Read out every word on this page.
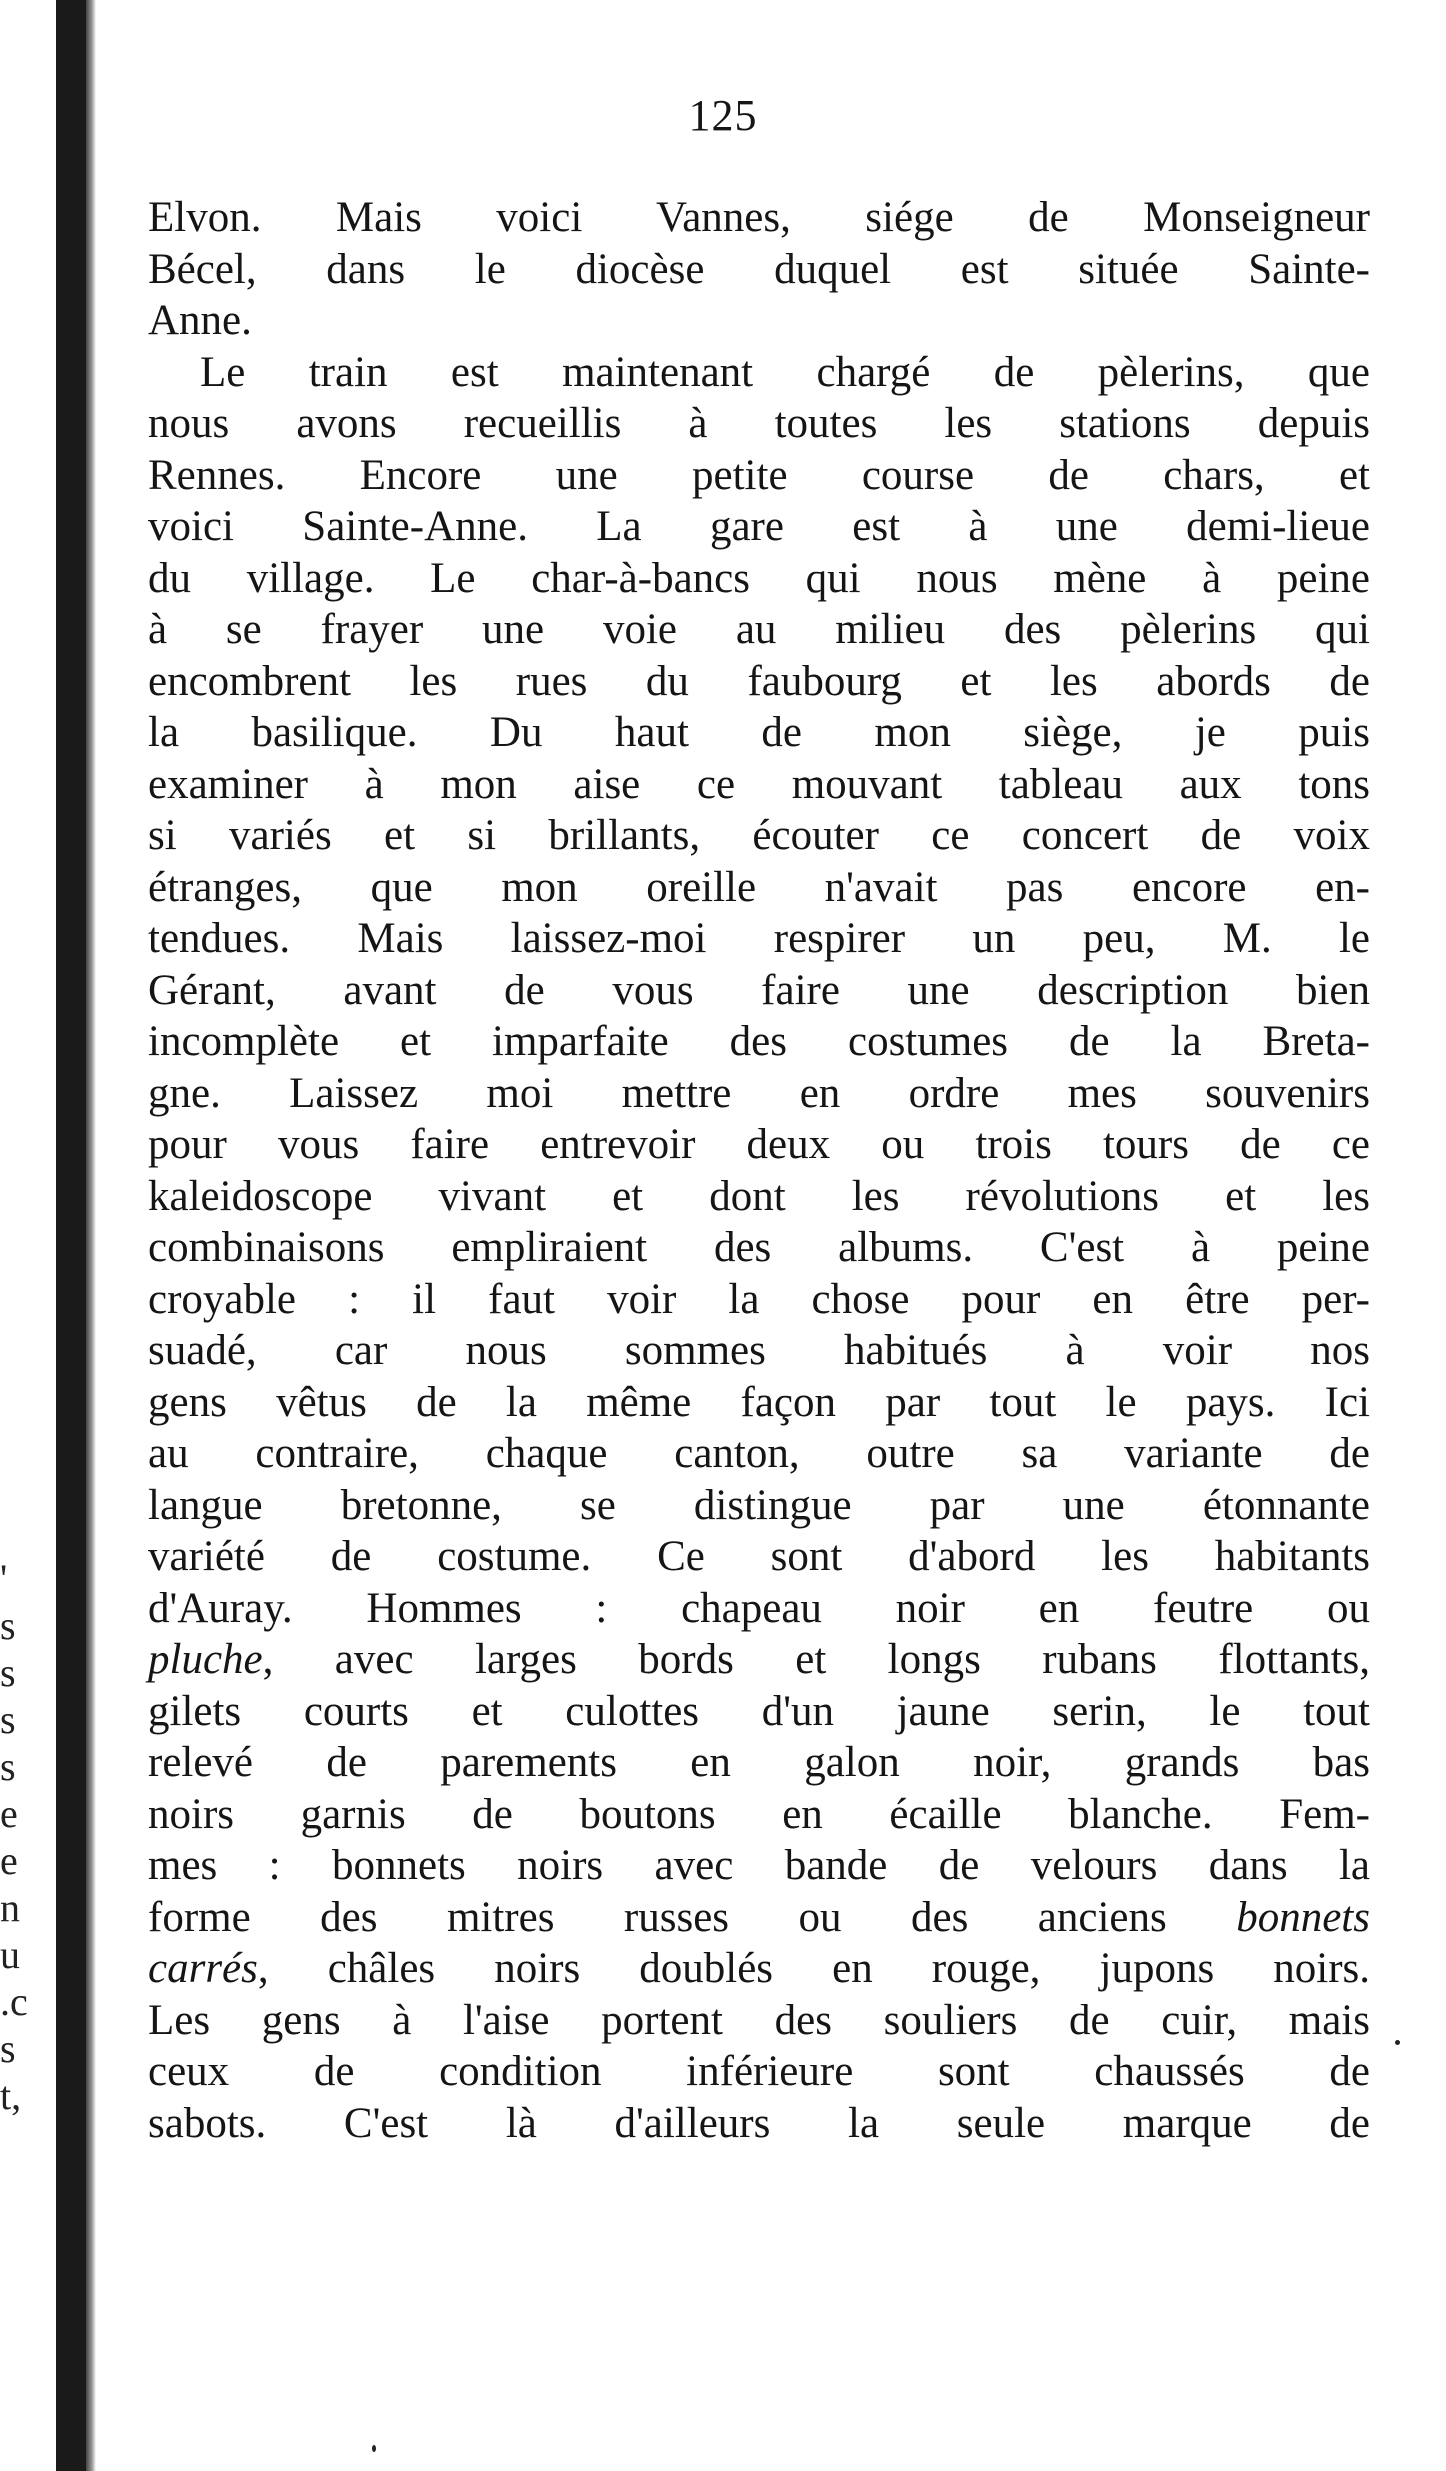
'
s
s
s
s
e
e
n
u
.c
s
t,
125
Elvon. Mais voici Vannes, siége de Monseigneur
Bécel, dans le diocèse duquel est située Sainte-
Anne.
Le train est maintenant chargé de pèlerins, que
nous avons recueillis à toutes les stations depuis
Rennes. Encore une petite course de chars, et
voici Sainte-Anne. La gare est à une demi-lieue
du village. Le char-à-bancs qui nous mène à peine
à se frayer une voie au milieu des pèlerins qui
encombrent les rues du faubourg et les abords de
la basilique. Du haut de mon siège, je puis
examiner à mon aise ce mouvant tableau aux tons
si variés et si brillants, écouter ce concert de voix
étranges, que mon oreille n'avait pas encore en-
tendues. Mais laissez-moi respirer un peu, M. le
Gérant, avant de vous faire une description bien
incomplète et imparfaite des costumes de la Breta-
gne. Laissez moi mettre en ordre mes souvenirs
pour vous faire entrevoir deux ou trois tours de ce
kaleidoscope vivant et dont les révolutions et les
combinaisons empliraient des albums. C'est à peine
croyable : il faut voir la chose pour en être per-
suadé, car nous sommes habitués à voir nos
gens vêtus de la même façon par tout le pays. Ici
au contraire, chaque canton, outre sa variante de
langue bretonne, se distingue par une étonnante
variété de costume. Ce sont d'abord les habitants
d'Auray. Hommes : chapeau noir en feutre ou
pluche, avec larges bords et longs rubans flottants,
gilets courts et culottes d'un jaune serin, le tout
relevé de parements en galon noir, grands bas
noirs garnis de boutons en écaille blanche. Fem-
mes : bonnets noirs avec bande de velours dans la
forme des mitres russes ou des anciens bonnets
carrés, châles noirs doublés en rouge, jupons noirs.
Les gens à l'aise portent des souliers de cuir, mais
ceux de condition inférieure sont chaussés de
sabots. C'est là d'ailleurs la seule marque de
